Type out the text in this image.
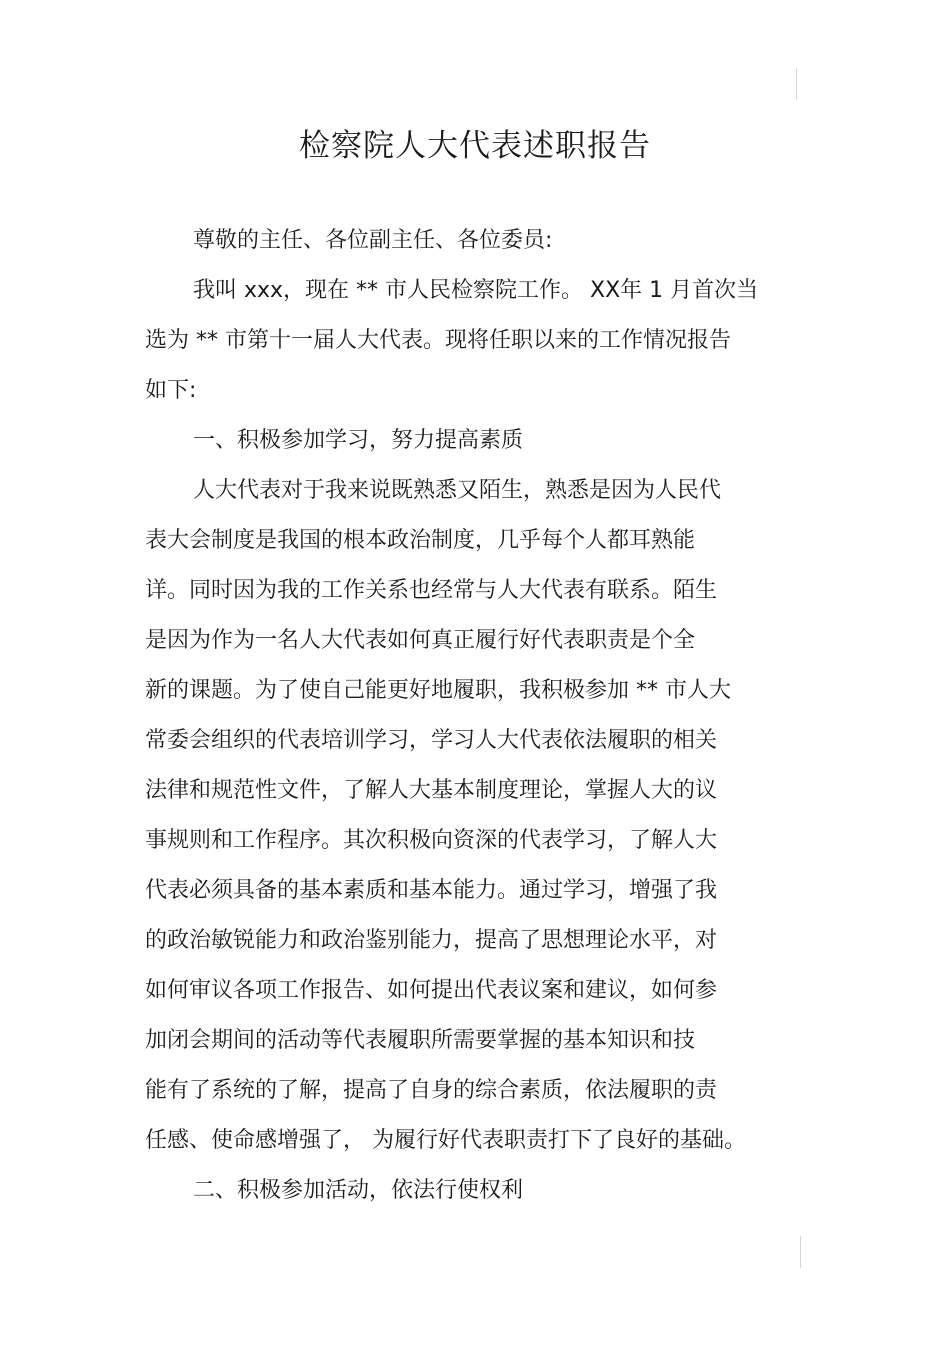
检察院人大代表述职报告
尊敬的主任、各位副主任、各位委员:
我叫 xxx，现在 ** 市人民检察院工作。 XX年 1 月首次当
选为 ** 市第十一届人大代表。现将任职以来的工作情况报告
如下:
一、积极参加学习，努力提高素质
人大代表对于我来说既熟悉又陌生，熟悉是因为人民代
表大会制度是我国的根本政治制度，几乎每个人都耳熟能
详。同时因为我的工作关系也经常与人大代表有联系。陌生
是因为作为一名人大代表如何真正履行好代表职责是个全
新的课题。为了使自己能更好地履职，我积极参加 ** 市人大
常委会组织的代表培训学习，学习人大代表依法履职的相关
法律和规范性文件，了解人大基本制度理论，掌握人大的议
事规则和工作程序。其次积极向资深的代表学习，了解人大
代表必须具备的基本素质和基本能力。通过学习，增强了我
的政治敏锐能力和政治鉴别能力，提高了思想理论水平，对
如何审议各项工作报告、如何提出代表议案和建议，如何参
加闭会期间的活动等代表履职所需要掌握的基本知识和技
能有了系统的了解，提高了自身的综合素质，依法履职的责
任感、使命感增强了， 为履行好代表职责打下了良好的基础。
二、积极参加活动，依法行使权利
